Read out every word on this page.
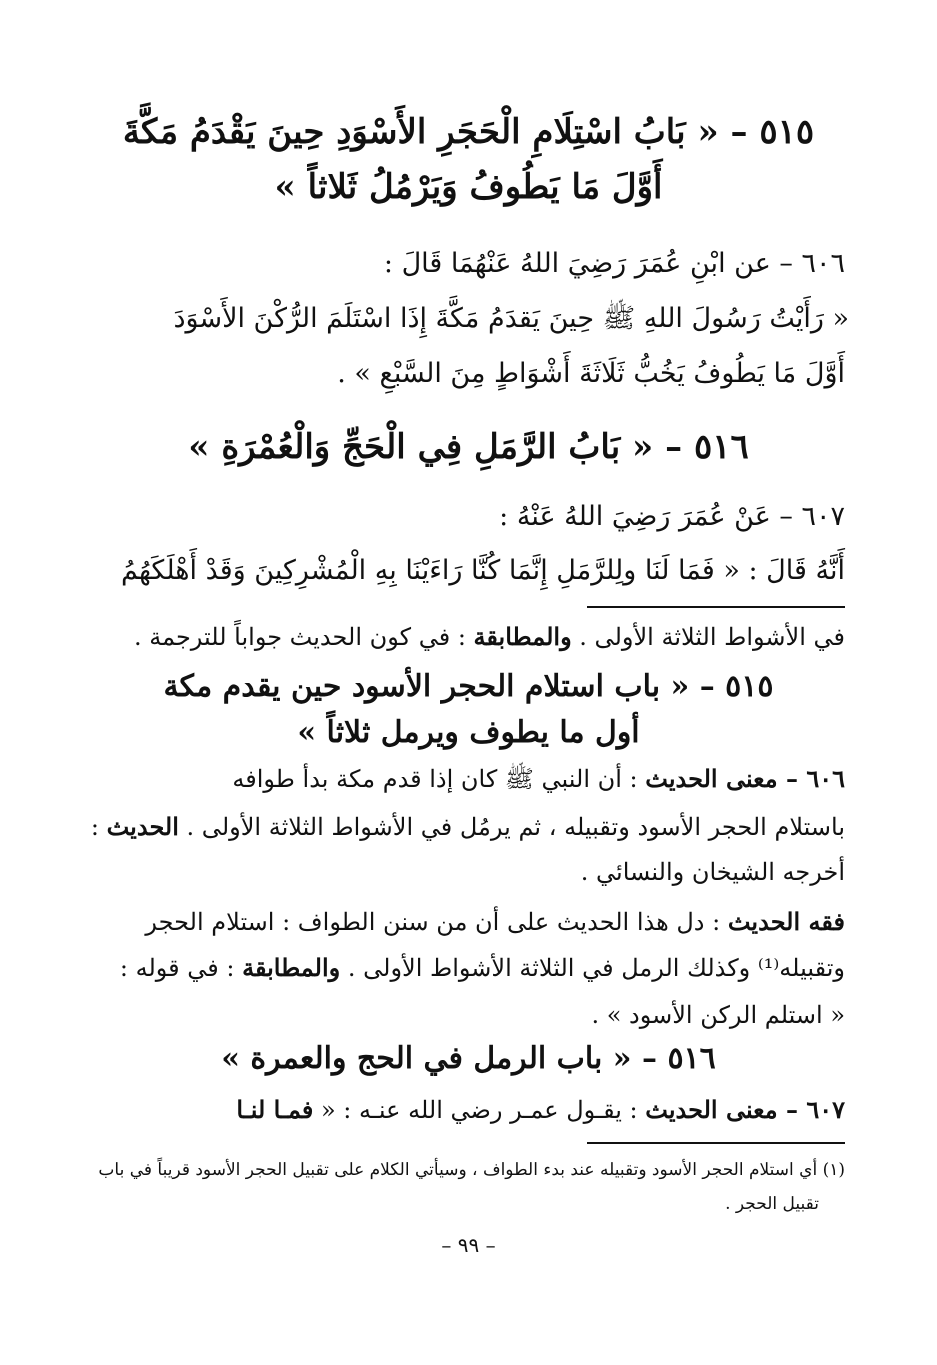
٥١٥ – « بَابُ اسْتِلَامِ الْحَجَرِ الأَسْوَدِ حِينَ يَقْدَمُ مَكَّةَ
أَوَّلَ مَا يَطُوفُ وَيَرْمُلُ ثَلاثاً »
٦٠٦ – عن ابْنِ عُمَرَ رَضِيَ اللهُ عَنْهُمَا قَالَ :
« رَأَيْتُ رَسُولَ اللهِ ﷺ حِينَ يَقدَمُ مَكَّةَ إِذَا اسْتَلَمَ الرُّكْنَ الأَسْوَدَ
أَوَّلَ مَا يَطُوفُ يَخُبُّ ثَلَاثَةَ أَشْوَاطٍ مِنَ السَّبْعِ » .
٥١٦ – « بَابُ الرَّمَلِ فِي الْحَجِّ وَالْعُمْرَةِ »
٦٠٧ – عَنْ عُمَرَ رَضِيَ اللهُ عَنْهُ :
أَنَّهُ قَالَ : « فَمَا لَنَا ولِلرَّمَلِ إِنَّمَا كُنَّا رَاءَيْنَا بِهِ الْمُشْرِكِينَ وَقَدْ أَهْلَكَهُمُ
في الأشواط الثلاثة الأولى . والمطابقة : في كون الحديث جواباً للترجمة .
٥١٥ – « باب استلام الحجر الأسود حين يقدم مكة
أول ما يطوف ويرمل ثلاثاً »
٦٠٦ – معنى الحديث : أن النبي ﷺ كان إذا قدم مكة بدأ طوافه
باستلام الحجر الأسود وتقبيله ، ثم يرمُل في الأشواط الثلاثة الأولى . الحديث :
أخرجه الشيخان والنسائي .
فقه الحديث : دل هذا الحديث على أن من سنن الطواف : استلام الحجر
وتقبيله⁽¹⁾ وكذلك الرمل في الثلاثة الأشواط الأولى . والمطابقة : في قوله :
« استلم الركن الأسود » .
٥١٦ – « باب الرمل في الحج والعمرة »
٦٠٧ – معنى الحديث : يقـول عمـر رضي الله عنـه : « فمـا لنـا
(١) أي استلام الحجر الأسود وتقبيله عند بدء الطواف ، وسيأتي الكلام على تقبيل الحجر الأسود قريباً في باب
تقبيل الحجر .
– ٩٩ –
